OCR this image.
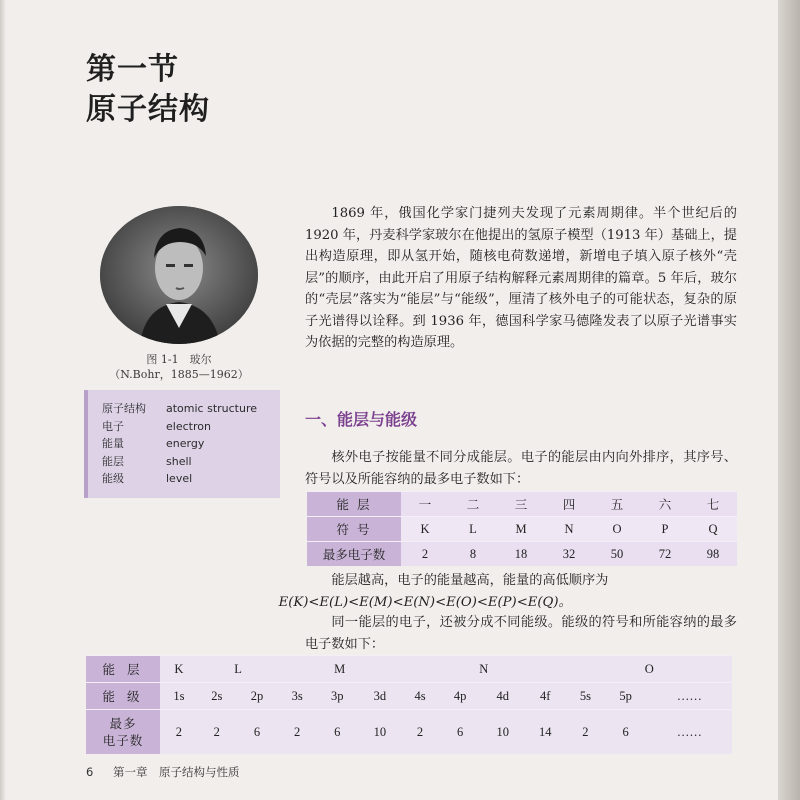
第一节
原子结构
图 1-1　玻尔
（N.Bohr，1885—1962）
原子结构 atomic structure
电子	electron
能量	energy
能层	shell
能级	level
1869 年，俄国化学家门捷列夫发现了元素周期律。半个世纪后的 1920 年，丹麦科学家玻尔在他提出的氢原子模型（1913 年）基础上，提出构造原理，即从氢开始，随核电荷数递增，新增电子填入原子核外“壳层”的顺序，由此开启了用原子结构解释元素周期律的篇章。5 年后，玻尔的“壳层”落实为“能层”与“能级”，厘清了核外电子的可能状态，复杂的原子光谱得以诠释。到 1936 年，德国科学家马德隆发表了以原子光谱事实为依据的完整的构造原理。
一、能层与能级
核外电子按能量不同分成能层。电子的能层由内向外排序，其序号、符号以及所能容纳的最多电子数如下：
能 层	一	二	三	四	五	六	七
符 号	K	L	M	N	O	P	Q
最多电子数	2	8	18	32	50	72	98
能层越高，电子的能量越高，能量的高低顺序为
E(K)<E(L)<E(M)<E(N)<E(O)<E(P)<E(Q)。
同一能层的电子，还被分成不同能级。能级的符号和所能容纳的最多电子数如下：
能 层	K	L		M			N				O		
能 级	1s	2s	2p	3s	3p	3d	4s	4p	4d	4f	5s	5p	……

最多
电子数	2	2	6	2	6	10	2	6	10	14	2	6	……
6 第一章　原子结构与性质
